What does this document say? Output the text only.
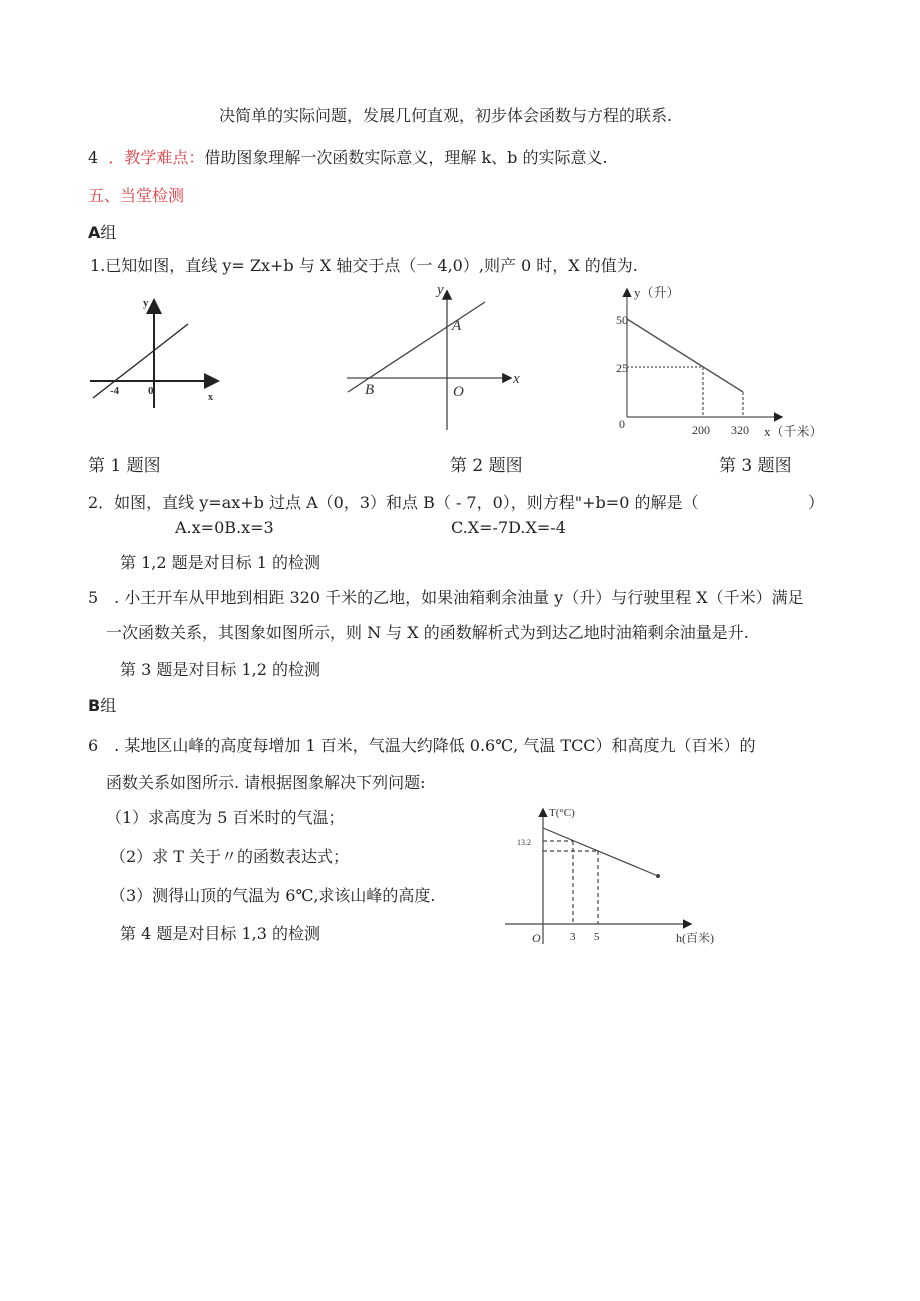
决简单的实际问题，发展几何直观，初步体会函数与方程的联系.
4 ．教学难点：借助图象理解一次函数实际意义，理解 k、b 的实际意义.
五、当堂检测
A组
1.已知如图，直线 y= Zx+b 与 X 轴交于点（一 4,0）,则产 0 时，X 的值为.
y
-4	0
x
y
x
A
B	O
y（升）
x（千米）
50
25
0	200 320
T(°C)
h(百米)
13.2
O	3 5
第 1 题图	第 2 题图	第 3 题图
2．如图，直线 y=ax+b 过点 A（0，3）和点 B（ - 7，0），则方程"+b=0 的解是（	）
A.x=0B.x=3	C.X=-7D.X=-4
第 1,2 题是对目标 1 的检测
5　. 小王开车从甲地到相距 320 千米的乙地，如果油箱剩余油量 y（升）与行驶里程 X（千米）满足
一次函数关系，其图象如图所示，则 N 与 X 的函数解析式为到达乙地时油箱剩余油量是升.
第 3 题是对目标 1,2 的检测
B组
6　. 某地区山峰的高度每增加 1 百米，气温大约降低 0.6℃, 气温 TCC）和高度九（百米）的
函数关系如图所示. 请根据图象解决下列问题:
（1）求高度为 5 百米时的气温；
（2）求 T 关于〃的函数表达式；
（3）测得山顶的气温为 6℃,求该山峰的高度.
第 4 题是对目标 1,3 的检测
